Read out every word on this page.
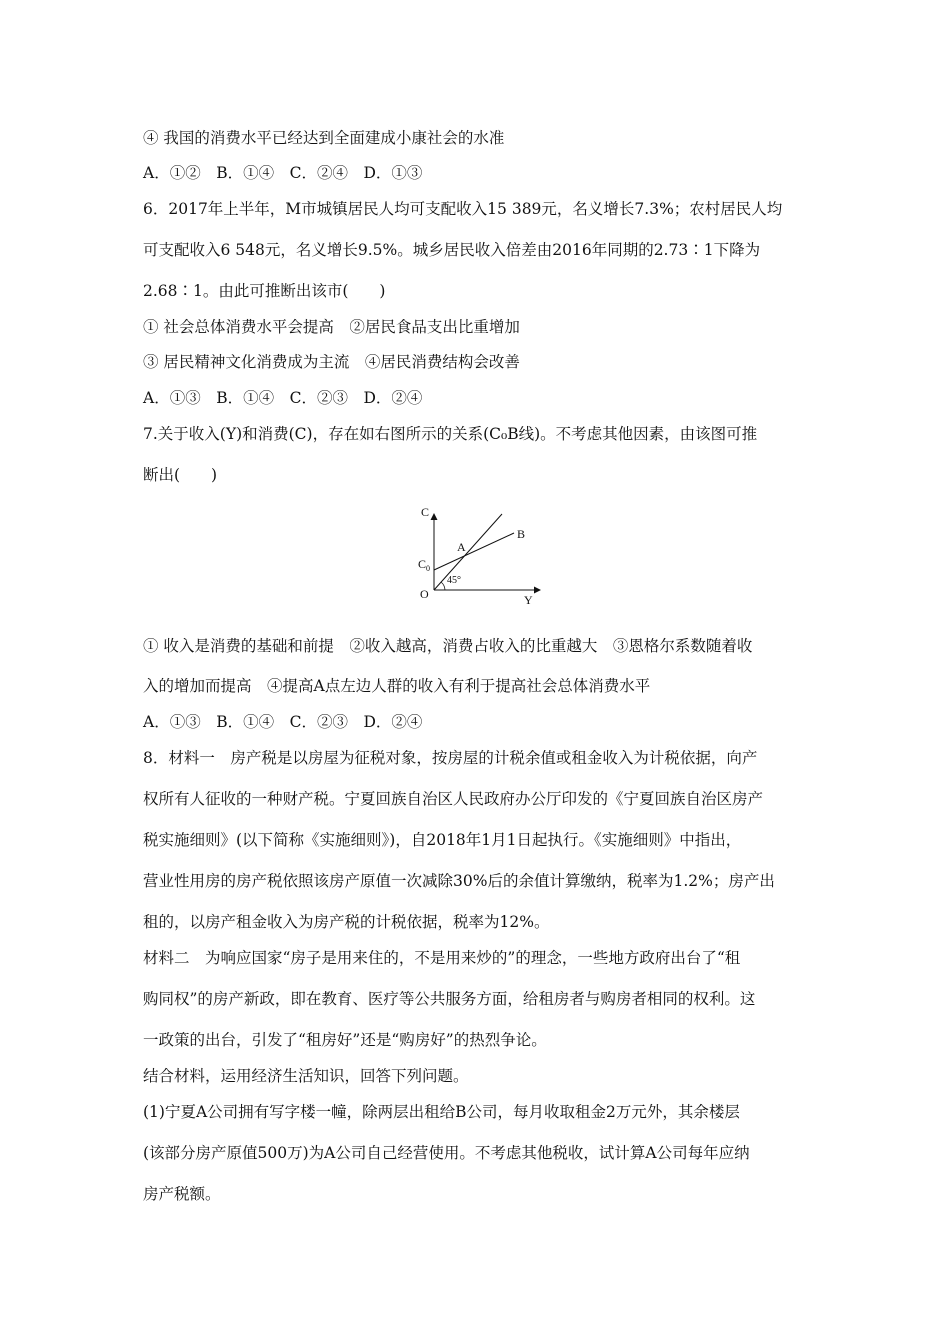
④ 我国的消费水平已经达到全面建成小康社会的水准
A．①②　B．①④　C．②④　D．①③
6．2017年上半年，M市城镇居民人均可支配收入15 389元，名义增长7.3%；农村居民人均
可支配收入6 548元，名义增长9.5%。城乡居民收入倍差由2016年同期的2.73∶1下降为
2.68∶1。由此可推断出该市(　　)
① 社会总体消费水平会提高　②居民食品支出比重增加
③ 居民精神文化消费成为主流　④居民消费结构会改善
A．①③　B．①④　C．②③　D．②④
7.关于收入(Y)和消费(C)，存在如右图所示的关系(C₀B线)。不考虑其他因素，由该图可推
断出(　　)
C
Y
O
$C_0$
A
B
45°
① 收入是消费的基础和前提　②收入越高，消费占收入的比重越大　③恩格尔系数随着收
入的增加而提高　④提高A点左边人群的收入有利于提高社会总体消费水平
A．①③　B．①④　C．②③　D．②④
8．材料一　房产税是以房屋为征税对象，按房屋的计税余值或租金收入为计税依据，向产
权所有人征收的一种财产税。宁夏回族自治区人民政府办公厅印发的《宁夏回族自治区房产
税实施细则》(以下简称《实施细则》)，自2018年1月1日起执行。《实施细则》中指出，
营业性用房的房产税依照该房产原值一次减除30%后的余值计算缴纳，税率为1.2%；房产出
租的，以房产租金收入为房产税的计税依据，税率为12%。
材料二　为响应国家“房子是用来住的，不是用来炒的”的理念，一些地方政府出台了“租
购同权”的房产新政，即在教育、医疗等公共服务方面，给租房者与购房者相同的权利。这
一政策的出台，引发了“租房好”还是“购房好”的热烈争论。
结合材料，运用经济生活知识，回答下列问题。
(1)宁夏A公司拥有写字楼一幢，除两层出租给B公司，每月收取租金2万元外，其余楼层
(该部分房产原值500万)为A公司自己经营使用。不考虑其他税收，试计算A公司每年应纳
房产税额。
